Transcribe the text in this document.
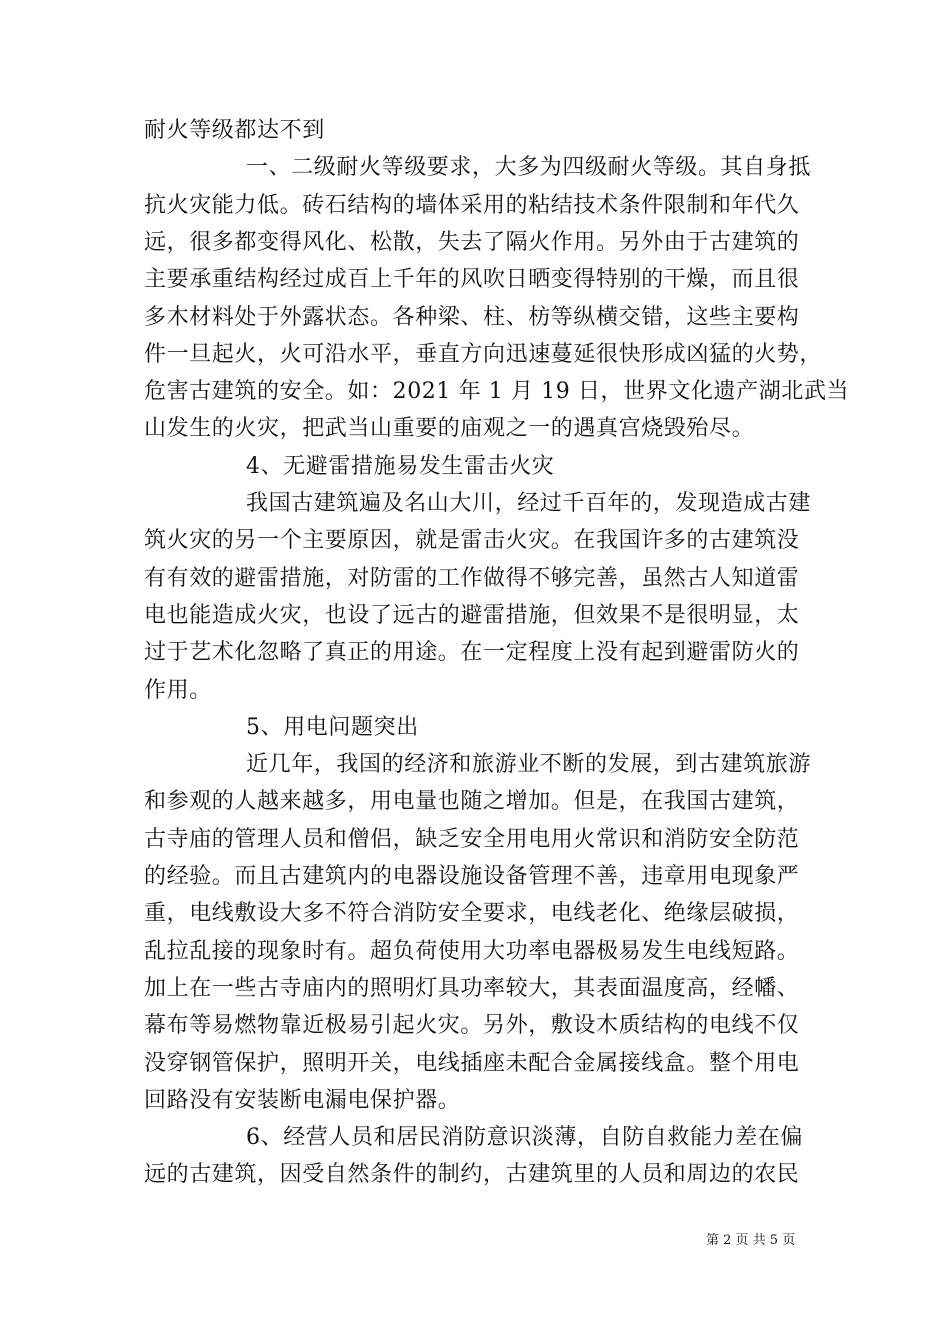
耐火等级都达不到
一、二级耐火等级要求，大多为四级耐火等级。其自身抵
抗火灾能力低。砖石结构的墙体采用的粘结技术条件限制和年代久
远，很多都变得风化、松散，失去了隔火作用。另外由于古建筑的
主要承重结构经过成百上千年的风吹日晒变得特别的干燥，而且很
多木材料处于外露状态。各种梁、柱、枋等纵横交错，这些主要构
件一旦起火，火可沿水平，垂直方向迅速蔓延很快形成凶猛的火势，
危害古建筑的安全。如：2021 年 1 月 19 日，世界文化遗产湖北武当
山发生的火灾，把武当山重要的庙观之一的遇真宫烧毁殆尽。
4、无避雷措施易发生雷击火灾
我国古建筑遍及名山大川，经过千百年的，发现造成古建
筑火灾的另一个主要原因，就是雷击火灾。在我国许多的古建筑没
有有效的避雷措施，对防雷的工作做得不够完善，虽然古人知道雷
电也能造成火灾，也设了远古的避雷措施，但效果不是很明显，太
过于艺术化忽略了真正的用途。在一定程度上没有起到避雷防火的
作用。
5、用电问题突出
近几年，我国的经济和旅游业不断的发展，到古建筑旅游
和参观的人越来越多，用电量也随之增加。但是，在我国古建筑，
古寺庙的管理人员和僧侣，缺乏安全用电用火常识和消防安全防范
的经验。而且古建筑内的电器设施设备管理不善，违章用电现象严
重，电线敷设大多不符合消防安全要求，电线老化、绝缘层破损，
乱拉乱接的现象时有。超负荷使用大功率电器极易发生电线短路。
加上在一些古寺庙内的照明灯具功率较大，其表面温度高，经幡、
幕布等易燃物靠近极易引起火灾。另外，敷设木质结构的电线不仅
没穿钢管保护，照明开关，电线插座未配合金属接线盒。整个用电
回路没有安装断电漏电保护器。
6、经营人员和居民消防意识淡薄，自防自救能力差在偏
远的古建筑，因受自然条件的制约，古建筑里的人员和周边的农民
第 2 页 共 5 页
